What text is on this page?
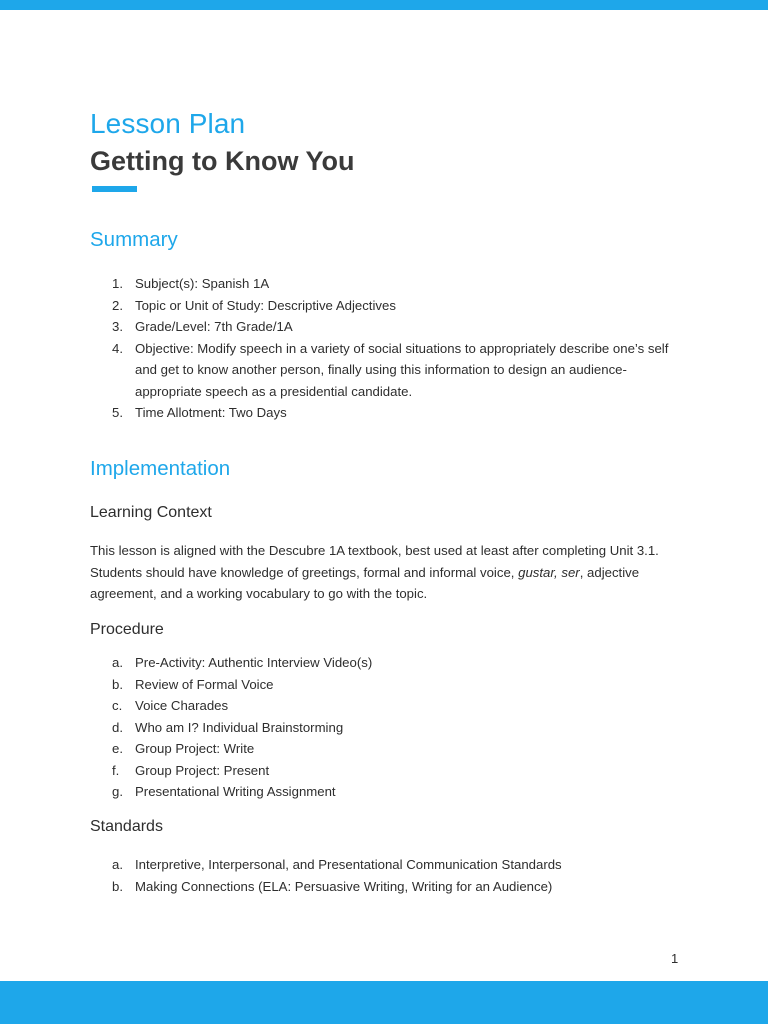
Lesson Plan
Getting to Know You
Summary
1. Subject(s): Spanish 1A
2. Topic or Unit of Study: Descriptive Adjectives
3. Grade/Level: 7th Grade/1A
4. Objective: Modify speech in a variety of social situations to appropriately describe one’s self and get to know another person, finally using this information to design an audience-appropriate speech as a presidential candidate.
5. Time Allotment: Two Days
Implementation
Learning Context

This lesson is aligned with the Descubre 1A textbook, best used at least after completing Unit 3.1. Students should have knowledge of greetings, formal and informal voice, gustar, ser, adjective agreement, and a working vocabulary to go with the topic.

Procedure
a. Pre-Activity: Authentic Interview Video(s)
b. Review of Formal Voice
c. Voice Charades
d. Who am I? Individual Brainstorming
e. Group Project: Write
f. Group Project: Present
g. Presentational Writing Assignment
Standards
a. Interpretive, Interpersonal, and Presentational Communication Standards
b. Making Connections (ELA: Persuasive Writing, Writing for an Audience)
1
